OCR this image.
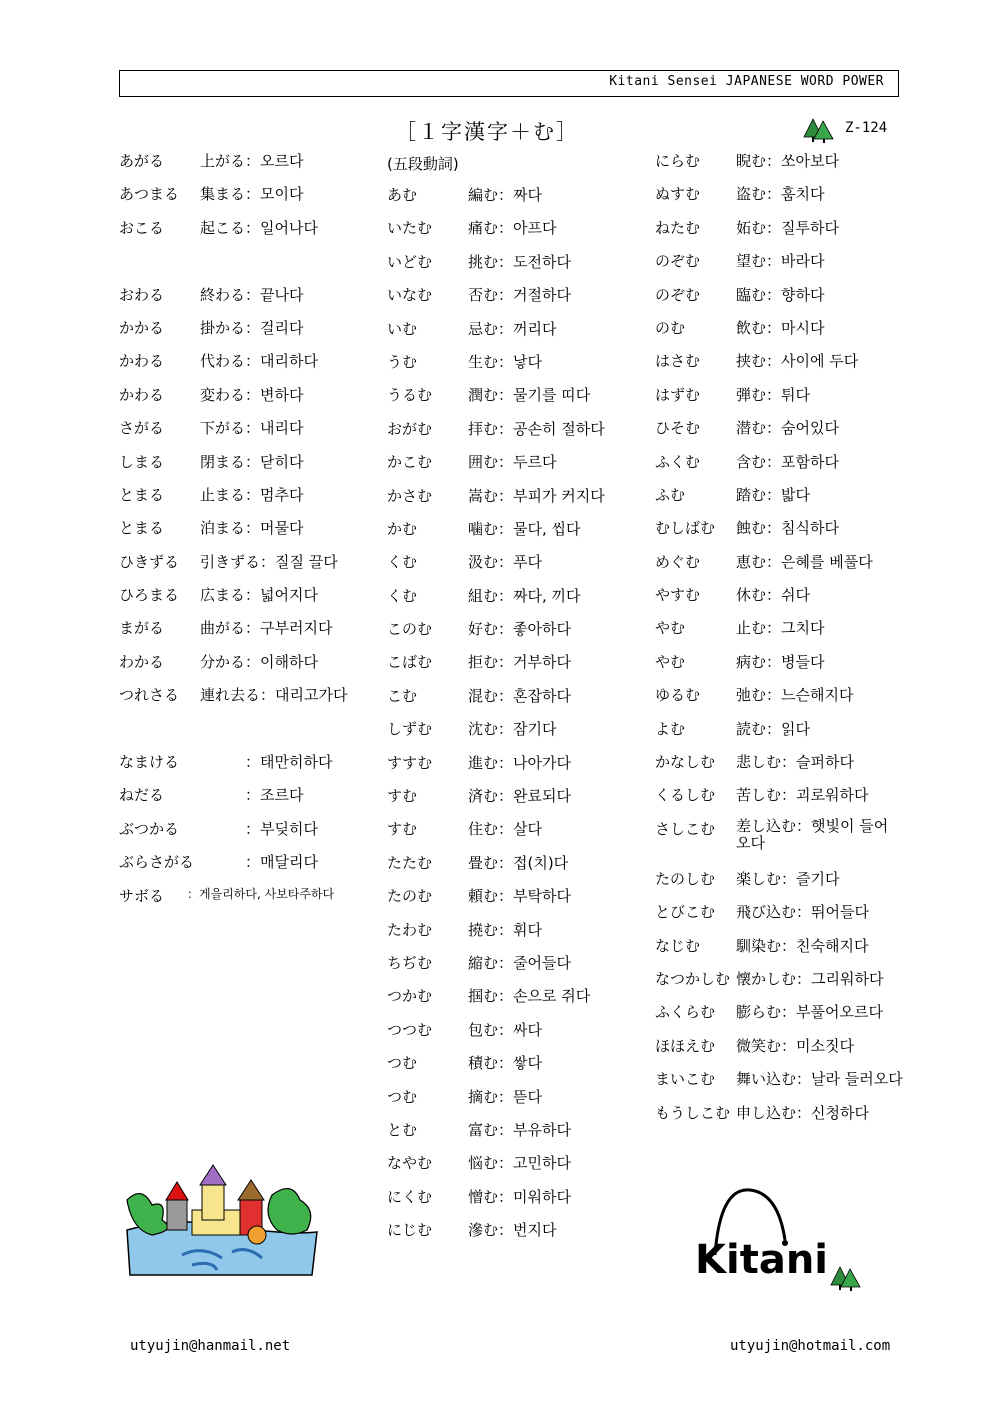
Kitani Sensei JAPANESE WORD POWER
［１字漢字＋む］	Z-124
あがる 上がる：오르다
あつまる 集まる：모이다
おこる 起こる：일어나다
おわる 終わる：끝나다
かかる 掛かる：걸리다
かわる 代わる：대리하다
かわる 変わる：변하다
さがる 下がる：내리다
しまる 閉まる：닫히다
とまる 止まる：멈추다
とまる 泊まる：머물다
ひきずる 引きずる：질질 끌다
ひろまる 広まる：넓어지다
まがる 曲がる：구부러지다
わかる 分かる：이해하다
つれさる 連れ去る：대리고가다
なまける 　　　：태만히하다
ねだる 　　　：조르다
ぶつかる 　　　：부딪히다
ぶらさがる 　　　：매달리다
サボる ：게을리하다, 사보타주하다
(五段動詞)
あむ	編む：짜다
いたむ 痛む：아프다
いどむ 挑む：도전하다
いなむ 否む：거절하다
いむ	忌む：꺼리다
うむ	生む：낳다
うるむ 潤む：물기를 띠다
おがむ 拝む：공손히 절하다
かこむ 囲む：두르다
かさむ 嵩む：부피가 커지다
かむ	噛む：물다, 씹다
くむ	汲む：푸다
くむ	組む：짜다, 끼다
このむ 好む：좋아하다
こばむ 拒む：거부하다
こむ	混む：혼잡하다
しずむ 沈む：잠기다
すすむ 進む：나아가다
すむ	済む：완료되다
すむ	住む：살다
たたむ 畳む：접(치)다
たのむ 頼む：부탁하다
たわむ 撓む：휘다
ちぢむ 縮む：줄어들다
つかむ 掴む：손으로 쥐다
つつむ 包む：싸다
つむ	積む：쌓다
つむ	摘む：뜯다
とむ	富む：부유하다
なやむ 悩む：고민하다
にくむ 憎む：미워하다
にじむ 滲む：번지다
にらむ 睨む：쏘아보다
ぬすむ 盗む：훔치다
ねたむ 妬む：질투하다
のぞむ 望む：바라다
のぞむ 臨む：향하다
のむ	飲む：마시다
はさむ 挟む：사이에 두다
はずむ 弾む：튀다
ひそむ 潜む：숨어있다
ふくむ 含む：포함하다
ふむ	踏む：밟다
むしばむ 蝕む：침식하다
めぐむ 恵む：은혜를 베풀다
やすむ 休む：쉬다
やむ	止む：그치다
やむ	病む：병들다
ゆるむ 弛む：느슨해지다
よむ	読む：읽다
かなしむ 悲しむ：슬퍼하다
くるしむ 苦しむ：괴로워하다
さしこむ 差し込む：햇빛이 들어오다
たのしむ 楽しむ：즐기다
とびこむ 飛び込む：뛰어들다
なじむ 馴染む：친숙해지다
なつかしむ 懐かしむ：그리워하다
ふくらむ 膨らむ：부풀어오르다
ほほえむ 微笑む：미소짓다
まいこむ 舞い込む：날라 들러오다
もうしこむ 申し込む：신청하다
Kitani
utyujin@hanmail.net	utyujin@hotmail.com
